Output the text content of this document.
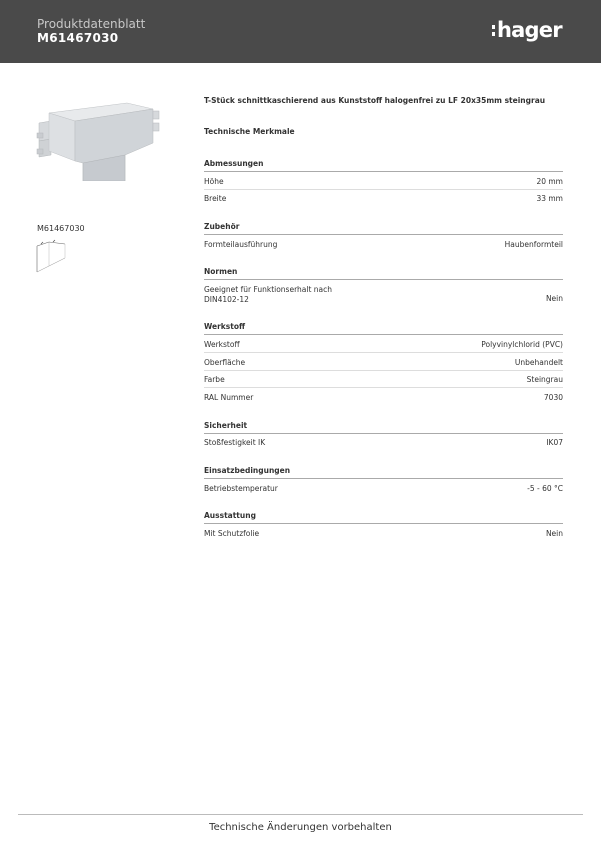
Produktdatenblatt
M61467030	hager
M61467030
T-Stück schnittkaschierend aus Kunststoff halogenfrei zu LF 20x35mm steingrau
Technische Merkmale
Abmessungen
Höhe	20 mm
Breite	33 mm
Zubehör
Formteilausführung	Haubenformteil
Normen
Geeignet für Funktionserhalt nach DIN4102-12	Nein
Werkstoff
Werkstoff	Polyvinylchlorid (PVC)
Oberfläche	Unbehandelt
Farbe	Steingrau
RAL Nummer	7030
Sicherheit
Stoßfestigkeit IK	IK07
Einsatzbedingungen
Betriebstemperatur	-5 - 60 °C
Ausstattung
Mit Schutzfolie	Nein
Technische Änderungen vorbehalten
